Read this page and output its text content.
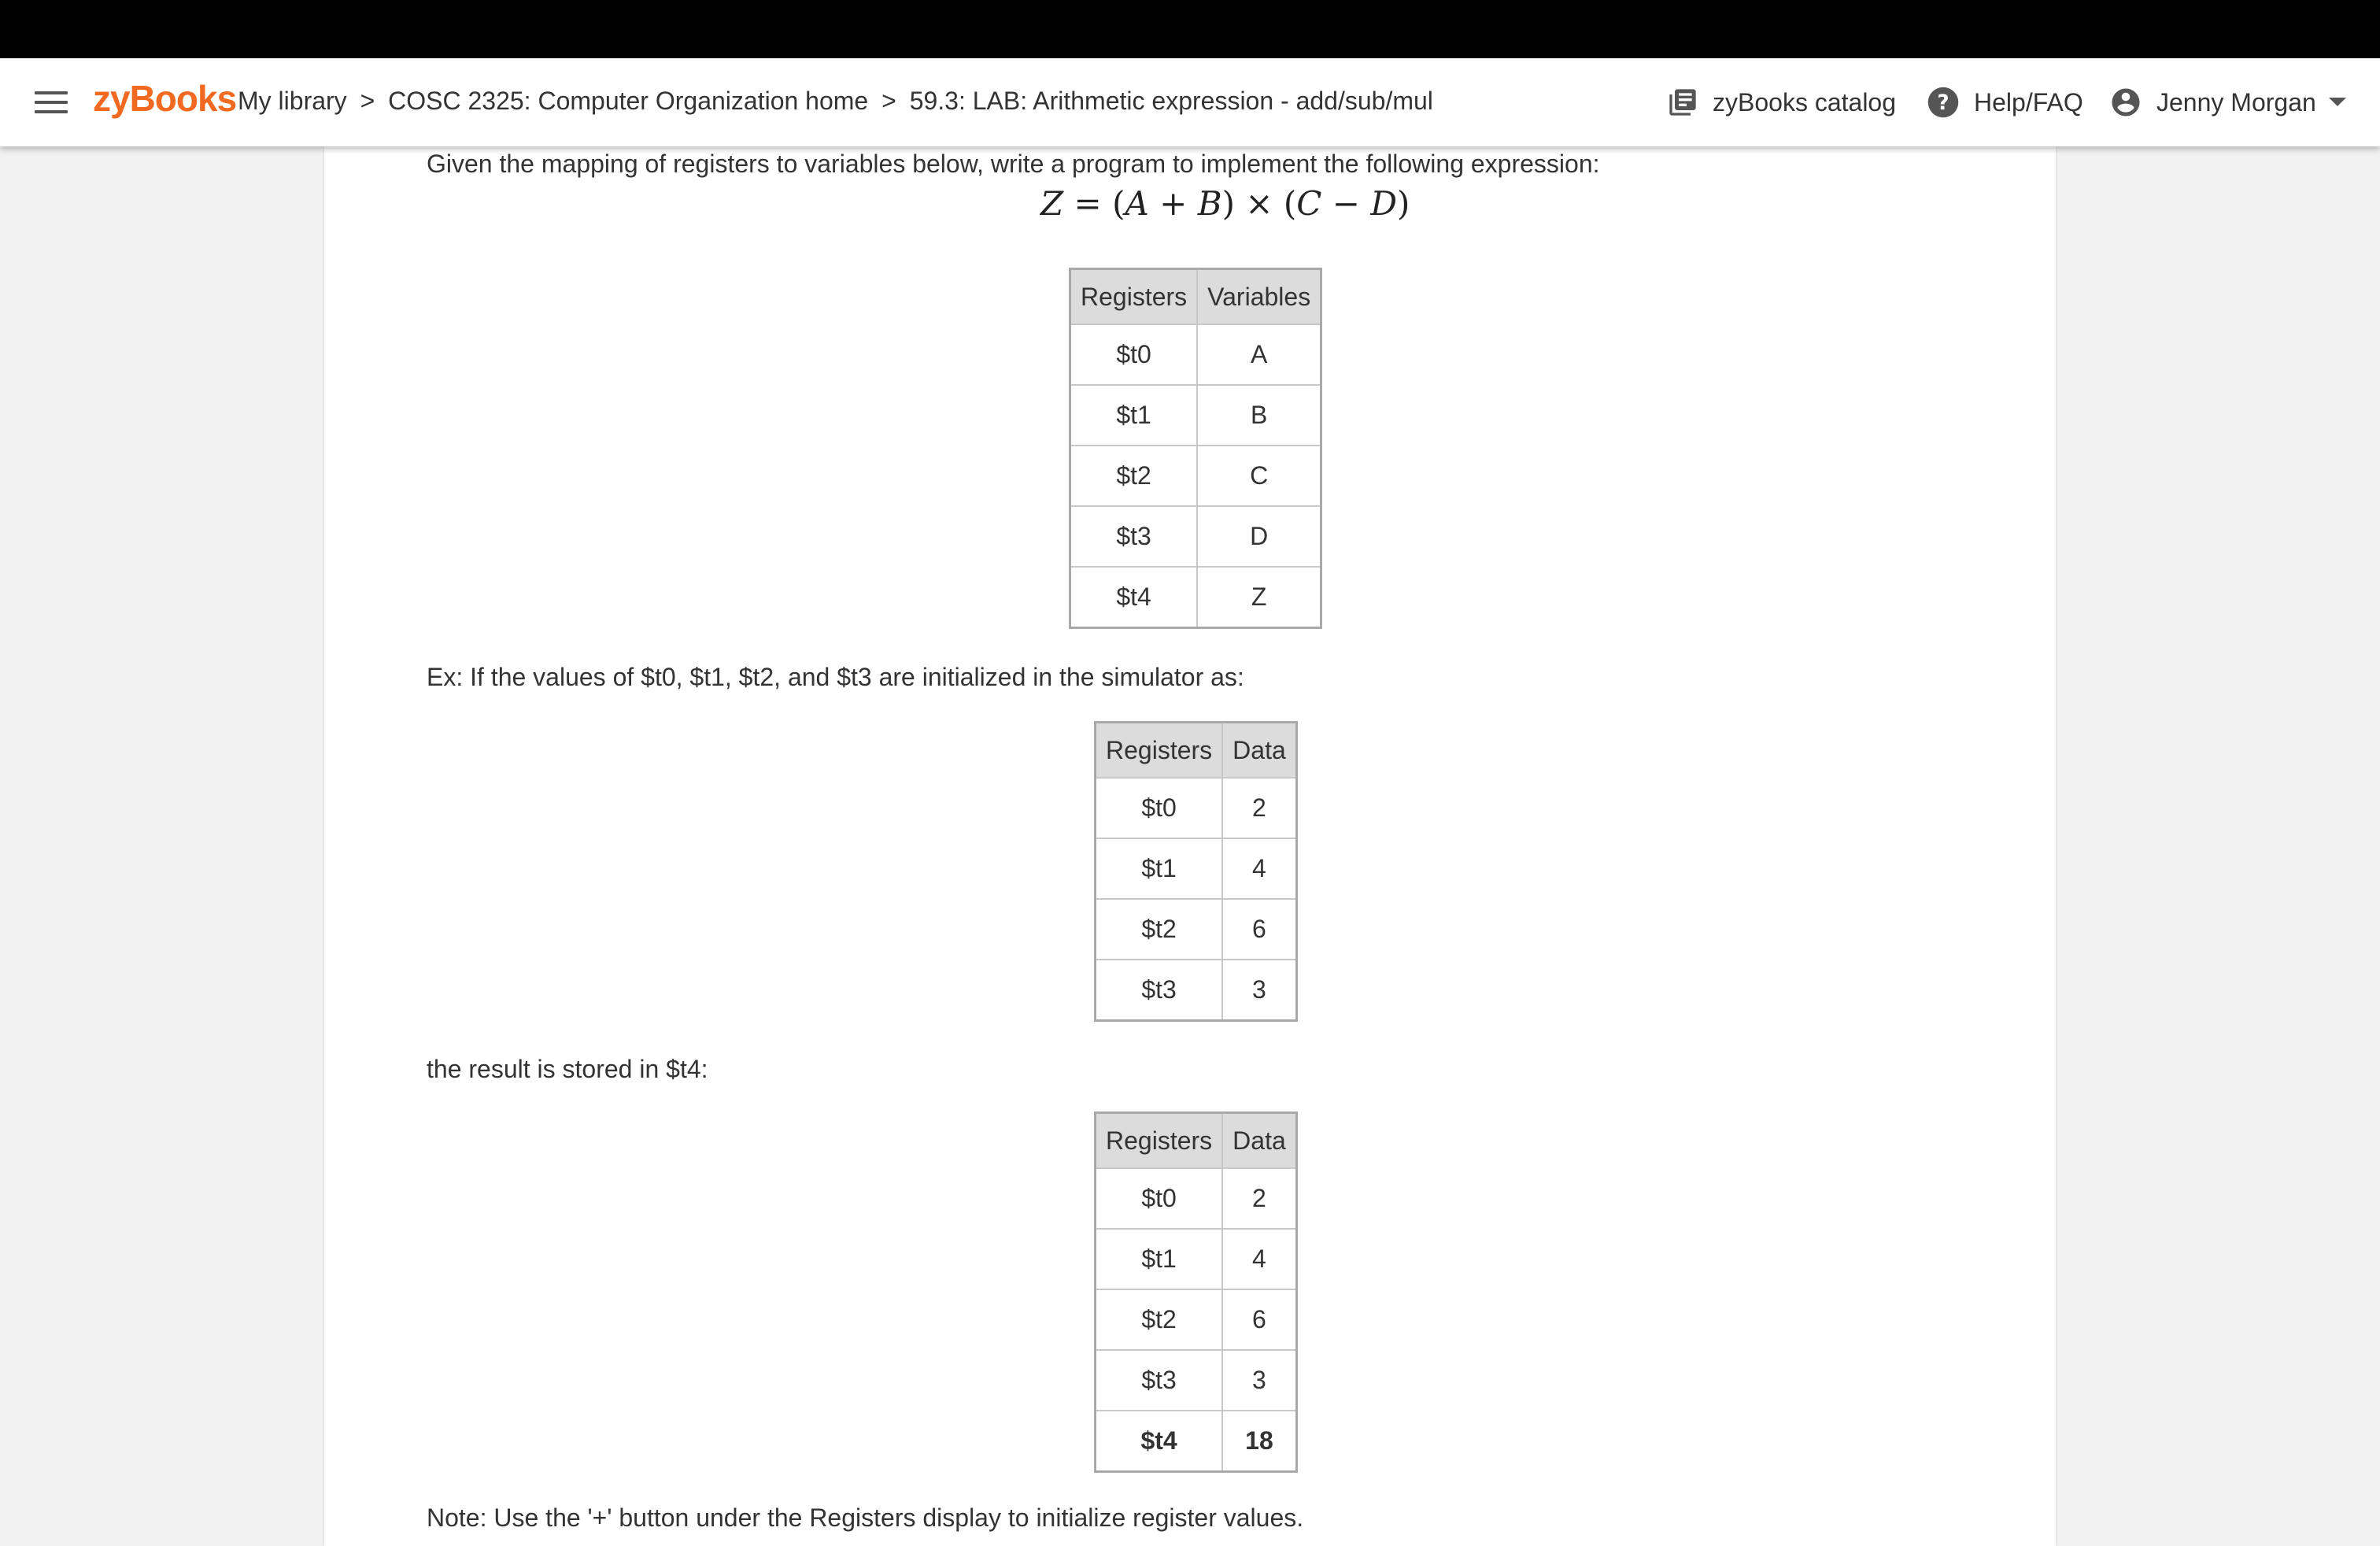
zyBooks My library > COSC 2325: Computer Organization home > 59.3: LAB: Arithmetic expression - add/sub/mul	zyBooks catalog	? Help/FAQ	Jenny Morgan
Given the mapping of registers to variables below, write a program to implement the following expression:
Z = (A + B) × (C − D)
Registers	Variables
$t0	A
$t1	B
$t2	C
$t3	D
$t4	Z
Ex: If the values of $t0, $t1, $t2, and $t3 are initialized in the simulator as:
Registers	Data
$t0	2
$t1	4
$t2	6
$t3	3
the result is stored in $t4:
Registers	Data
$t0	2
$t1	4
$t2	6
$t3	3
$t4	18
Note: Use the '+' button under the Registers display to initialize register values.
